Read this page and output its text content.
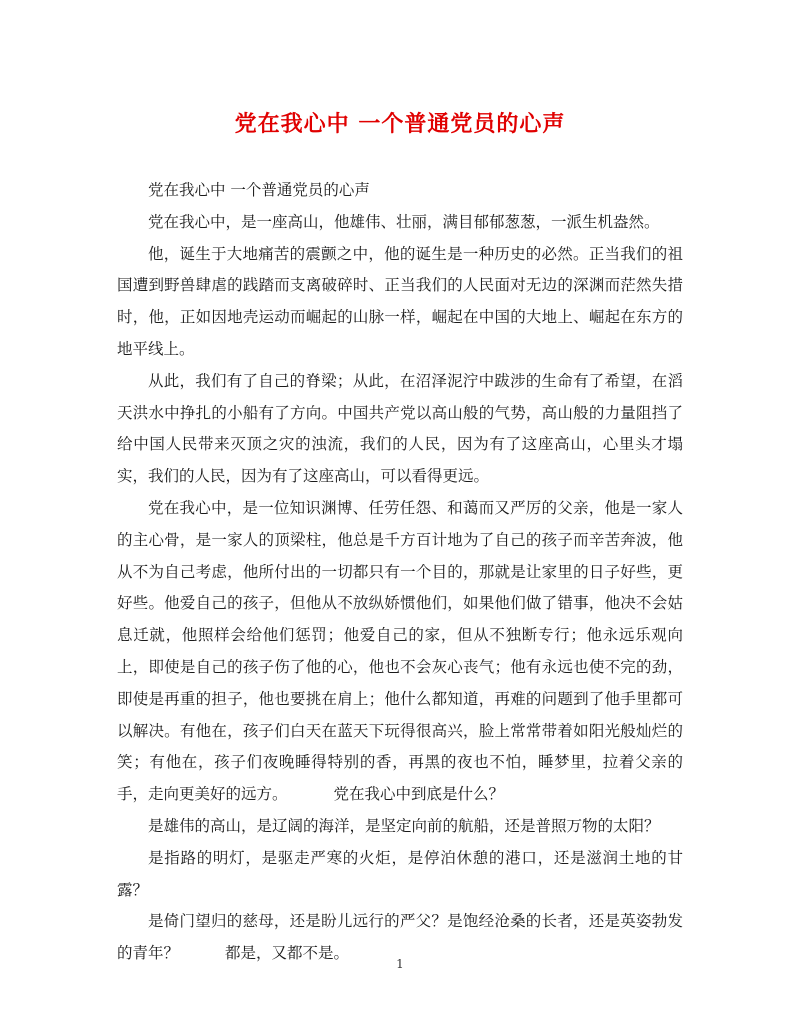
党在我心中 一个普通党员的心声

党在我心中 一个普通党员的心声

党在我心中，是一座高山，他雄伟、壮丽，满目郁郁葱葱，一派生机盎然。

他，诞生于大地痛苦的震颤之中，他的诞生是一种历史的必然。正当我们的祖国遭到野兽肆虐的践踏而支离破碎时、正当我们的人民面对无边的深渊而茫然失措时，他，正如因地壳运动而崛起的山脉一样，崛起在中国的大地上、崛起在东方的地平线上。

从此，我们有了自己的脊梁；从此，在沼泽泥泞中跋涉的生命有了希望，在滔天洪水中挣扎的小船有了方向。中国共产党以高山般的气势，高山般的力量阻挡了给中国人民带来灭顶之灾的浊流，我们的人民，因为有了这座高山，心里头才塌实，我们的人民，因为有了这座高山，可以看得更远。

党在我心中，是一位知识渊博、任劳任怨、和蔼而又严厉的父亲，他是一家人的主心骨，是一家人的顶梁柱，他总是千方百计地为了自己的孩子而辛苦奔波，他从不为自己考虑，他所付出的一切都只有一个目的，那就是让家里的日子好些，更好些。他爱自己的孩子，但他从不放纵娇惯他们，如果他们做了错事，他决不会姑息迁就，他照样会给他们惩罚；他爱自己的家，但从不独断专行；他永远乐观向上，即使是自己的孩子伤了他的心，他也不会灰心丧气；他有永远也使不完的劲，即使是再重的担子，他也要挑在肩上；他什么都知道，再难的问题到了他手里都可以解决。有他在，孩子们白天在蓝天下玩得很高兴，脸上常常带着如阳光般灿烂的笑；有他在，孩子们夜晚睡得特别的香，再黑的夜也不怕，睡梦里，拉着父亲的手，走向更美好的远方。	党在我心中到底是什么？

是雄伟的高山，是辽阔的海洋，是坚定向前的航船，还是普照万物的太阳？

是指路的明灯，是驱走严寒的火炬，是停泊休憩的港口，还是滋润土地的甘露？

是倚门望归的慈母，还是盼儿远行的严父？是饱经沧桑的长者，还是英姿勃发的青年？	都是，又都不是。

1
